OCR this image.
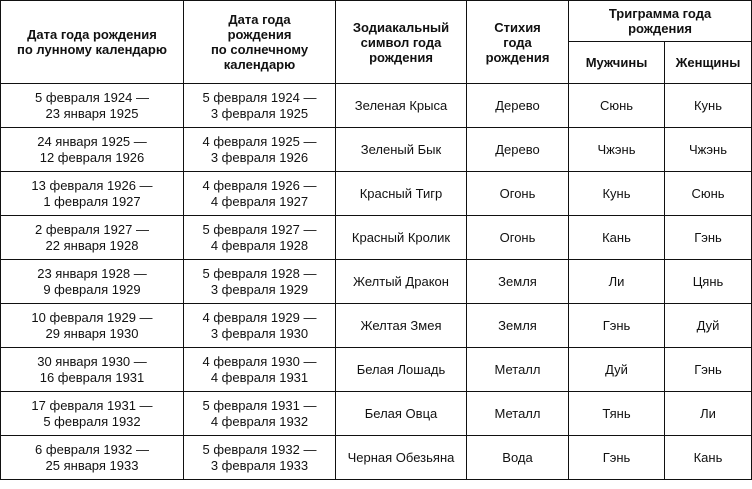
Дата года рождения
по лунному календарю	Дата года
рождения
по солнечному
календарю	Зодиакальный
символ года
рождения	Стихия
года
рождения	Триграмма года
рождения	

				Мужчины	Женщины

5 февраля 1924 —
23 января 1925	5 февраля 1924 —
3 февраля 1925	Зеленая Крыса	Дерево	Сюнь	Кунь

24 января 1925 —
12 февраля 1926	4 февраля 1925 —
3 февраля 1926	Зеленый Бык	Дерево	Чжэнь	Чжэнь

13 февраля 1926 —
1 февраля 1927	4 февраля 1926 —
4 февраля 1927	Красный Тигр	Огонь	Кунь	Сюнь

2 февраля 1927 —
22 января 1928	5 февраля 1927 —
4 февраля 1928	Красный Кролик	Огонь	Кань	Гэнь

23 января 1928 —
9 февраля 1929	5 февраля 1928 —
3 февраля 1929	Желтый Дракон	Земля	Ли	Цянь

10 февраля 1929 —
29 января 1930	4 февраля 1929 —
3 февраля 1930	Желтая Змея	Земля	Гэнь	Дуй

30 января 1930 —
16 февраля 1931	4 февраля 1930 —
4 февраля 1931	Белая Лошадь	Металл	Дуй	Гэнь

17 февраля 1931 —
5 февраля 1932	5 февраля 1931 —
4 февраля 1932	Белая Овца	Металл	Тянь	Ли

6 февраля 1932 —
25 января 1933	5 февраля 1932 —
3 февраля 1933	Черная Обезьяна	Вода	Гэнь	Кань
